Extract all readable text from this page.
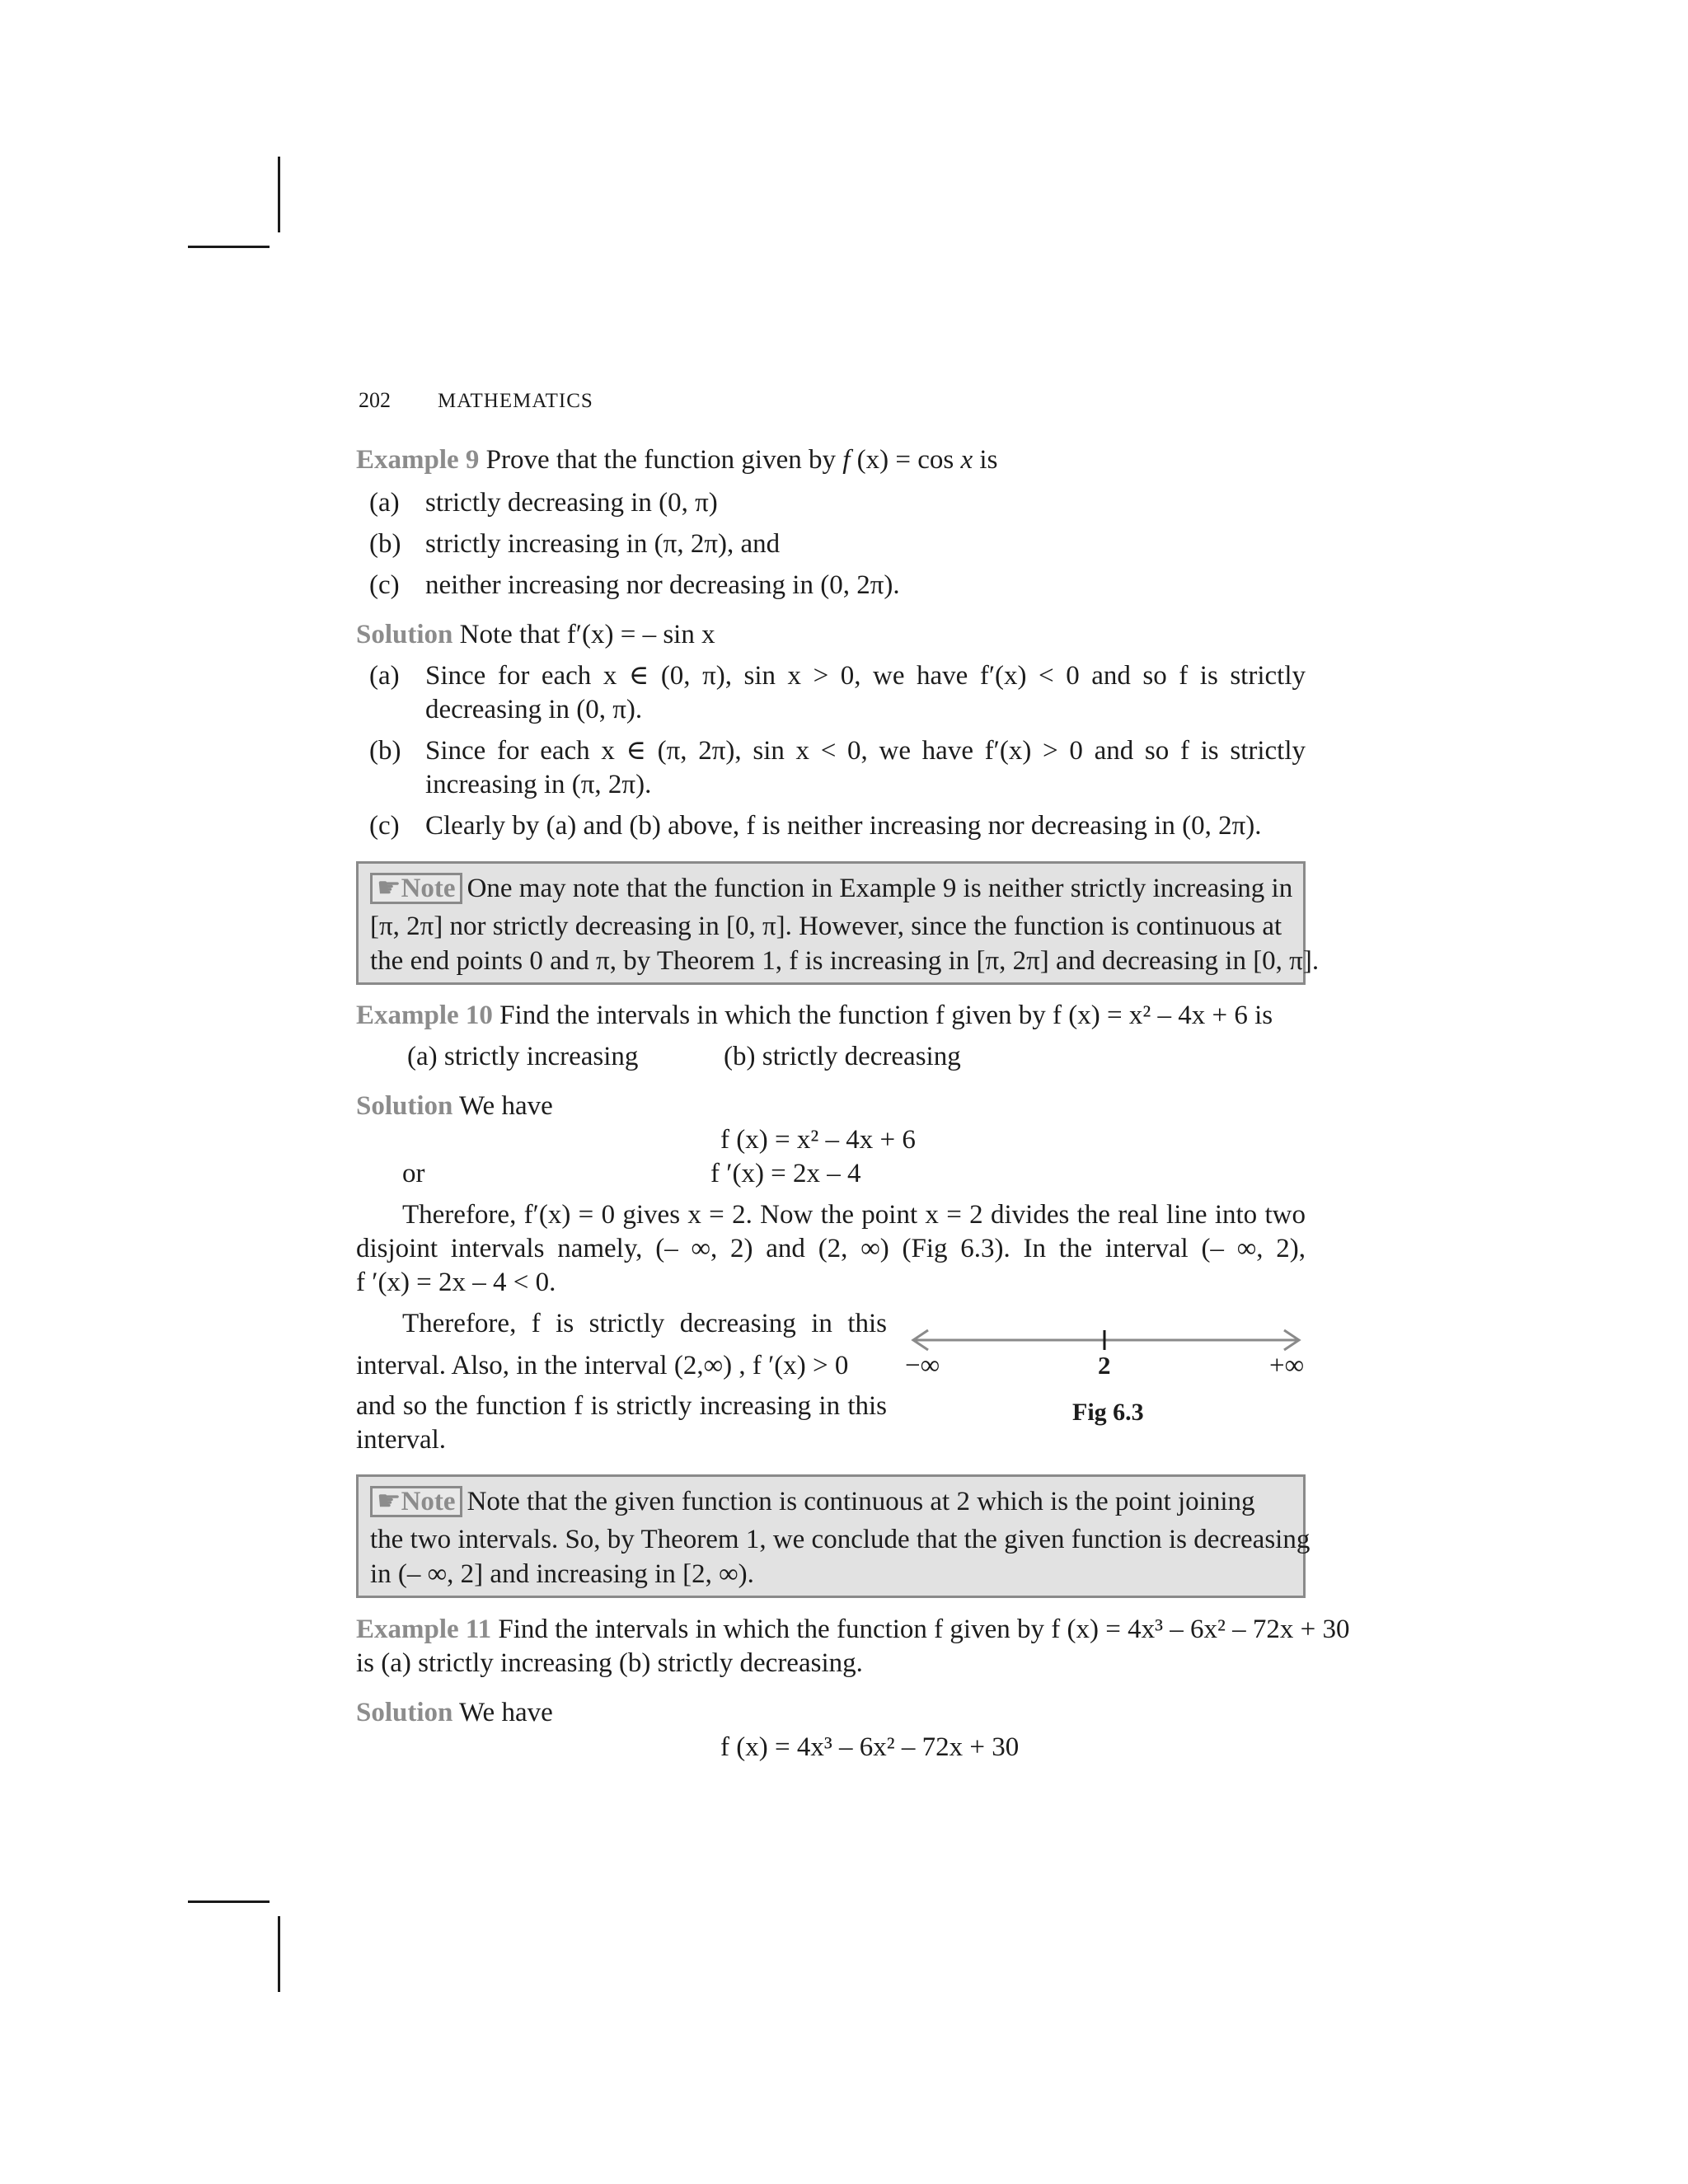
202 MATHEMATICS
Example 9 Prove that the function given by f (x) = cos x is
(a) strictly decreasing in (0, π)
(b) strictly increasing in (π, 2π), and
(c) neither increasing nor decreasing in (0, 2π).
Solution Note that f′(x) = – sin x
(a) Since for each x ∈ (0, π), sin x > 0, we have f′(x) < 0 and so f is strictly
decreasing in (0, π).
(b) Since for each x ∈ (π, 2π), sin x < 0, we have f′(x) > 0 and so f is strictly
increasing in (π, 2π).
(c) Clearly by (a) and (b) above, f is neither increasing nor decreasing in (0, 2π).
☛Note One may note that the function in Example 9 is neither strictly increasing in
[π, 2π] nor strictly decreasing in [0, π]. However, since the function is continuous at
the end points 0 and π, by Theorem 1, f is increasing in [π, 2π] and decreasing in [0, π].
Example 10 Find the intervals in which the function f given by f (x) = x² – 4x + 6 is
(a) strictly increasing	(b) strictly decreasing
Solution We have
f (x) = x² – 4x + 6
or	f ′(x) = 2x – 4
Therefore, f′(x) = 0 gives x = 2. Now the point x = 2 divides the real line into two
disjoint intervals namely, (– ∞, 2) and (2, ∞) (Fig 6.3). In the interval (– ∞, 2),
f ′(x) = 2x – 4 < 0.
Therefore, f is strictly decreasing in this
interval. Also, in the interval (2,∞) , f ′(x) > 0
and so the function f is strictly increasing in this
interval.
−∞	2	+∞
Fig 6.3
☛Note Note that the given function is continuous at 2 which is the point joining
the two intervals. So, by Theorem 1, we conclude that the given function is decreasing
in (– ∞, 2] and increasing in [2, ∞).
Example 11 Find the intervals in which the function f given by f (x) = 4x³ – 6x² – 72x + 30
is (a) strictly increasing (b) strictly decreasing.
Solution We have
f (x) = 4x³ – 6x² – 72x + 30
